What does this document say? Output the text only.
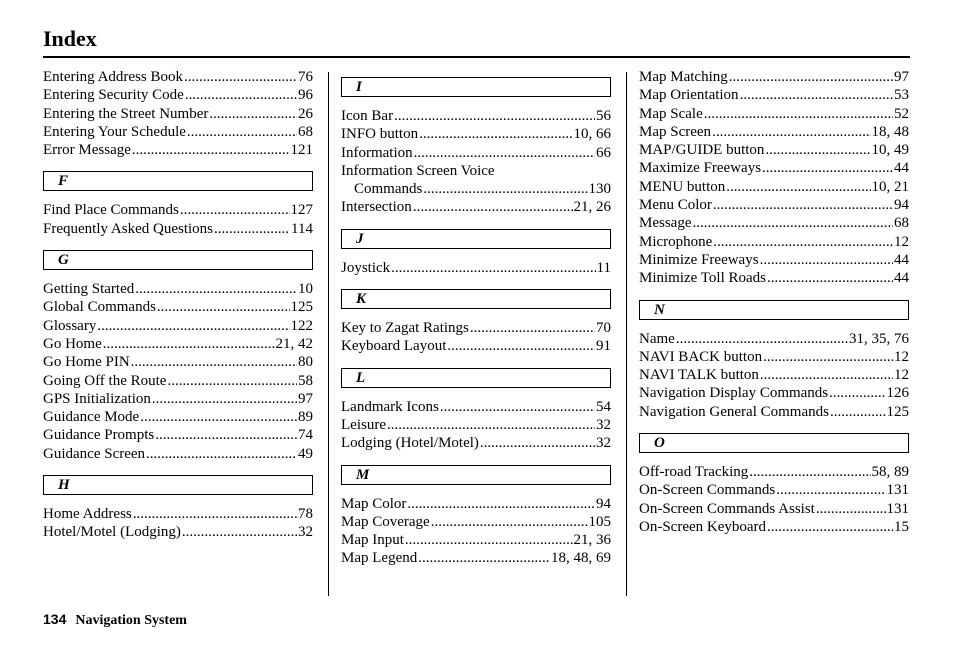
Index
Entering Address Book .....	76
Entering Security Code .....	96
Entering the Street Number .....	26
Entering Your Schedule .....	68
Error Message .....	121
F
Find Place Commands .....	127
Frequently Asked Questions .....	114
G
Getting Started .....	10
Global Commands .....	125
Glossary .....	122
Go Home .....	21, 42
Go Home PIN .....	80
Going Off the Route .....	58
GPS Initialization .....	97
Guidance Mode .....	89
Guidance Prompts .....	74
Guidance Screen .....	49
H
Home Address .....	78
Hotel/Motel (Lodging) .....	32
I
Icon Bar .....	56
INFO button .....	10, 66
Information .....	66
Information Screen Voice
Commands .....	130
Intersection .....	21, 26
J
Joystick .....	11
K
Key to Zagat Ratings .....	70
Keyboard Layout .....	91
L
Landmark Icons .....	54
Leisure .....	32
Lodging (Hotel/Motel) .....	32
M
Map Color .....	94
Map Coverage .....	105
Map Input .....	21, 36
Map Legend .....	18, 48, 69
Map Matching .....	97
Map Orientation .....	53
Map Scale .....	52
Map Screen .....	18, 48
MAP/GUIDE button .....	10, 49
Maximize Freeways .....	44
MENU button .....	10, 21
Menu Color .....	94
Message .....	68
Microphone .....	12
Minimize Freeways .....	44
Minimize Toll Roads .....	44
N
Name .....	31, 35, 76
NAVI BACK button .....	12
NAVI TALK button .....	12
Navigation Display Commands .....	126
Navigation General Commands .....	125
O
Off-road Tracking .....	58, 89
On-Screen Commands .....	131
On-Screen Commands Assist .....	131
On-Screen Keyboard .....	15
134 Navigation System
